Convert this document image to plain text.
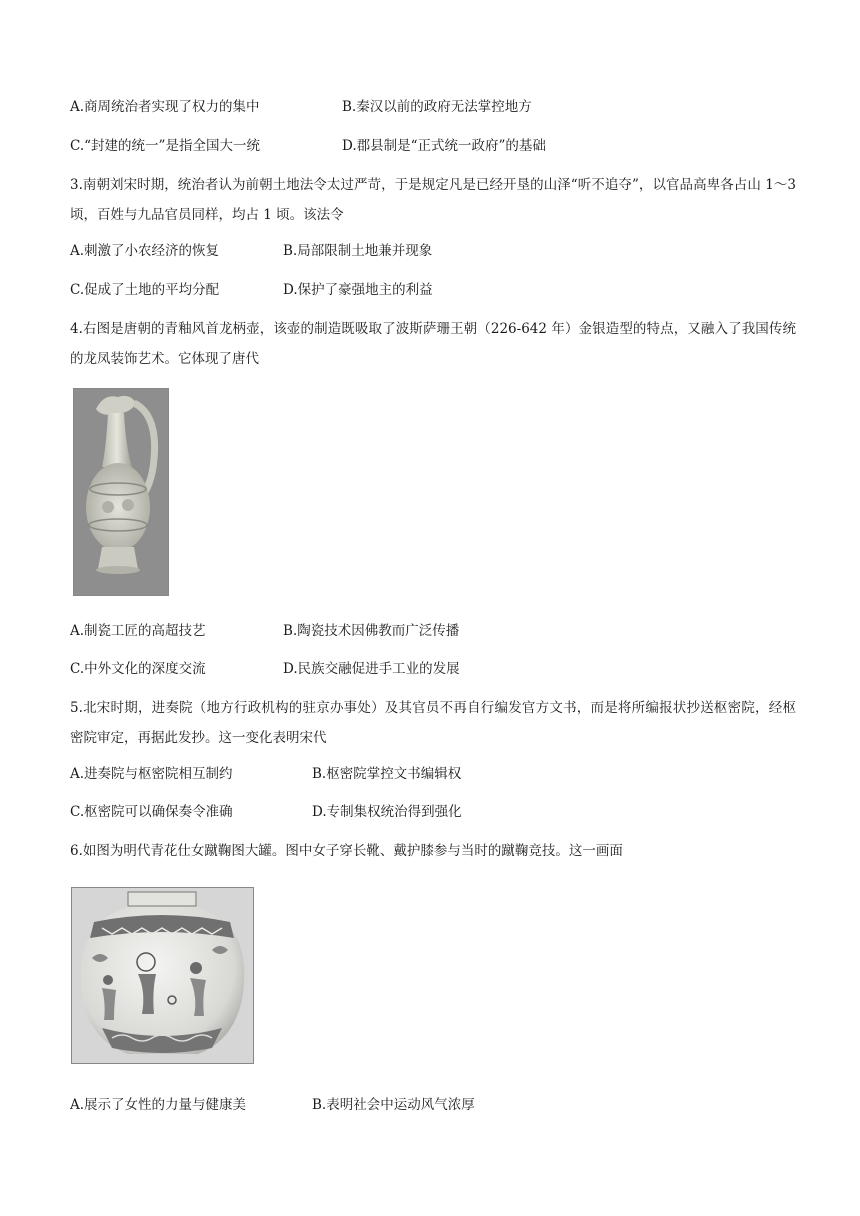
A.商周统治者实现了权力的集中	B.秦汉以前的政府无法掌控地方
C.“封建的统一”是指全国大一统	D.郡县制是“正式统一政府”的基础
3.南朝刘宋时期，统治者认为前朝土地法令太过严苛，于是规定凡是已经开垦的山泽“听不追夺”，以官品高卑各占山 1～3 顷，百姓与九品官员同样，均占 1 顷。该法令
A.刺激了小农经济的恢复	B.局部限制土地兼并现象
C.促成了土地的平均分配	D.保护了豪强地主的利益
4.右图是唐朝的青釉风首龙柄壶，该壶的制造既吸取了波斯萨珊王朝（226-642 年）金银造型的特点，又融入了我国传统的龙凤装饰艺术。它体现了唐代
A.制瓷工匠的高超技艺	B.陶瓷技术因佛教而广泛传播
C.中外文化的深度交流	D.民族交融促进手工业的发展
5.北宋时期，进奏院（地方行政机构的驻京办事处）及其官员不再自行编发官方文书，而是将所编报状抄送枢密院，经枢密院审定，再据此发抄。这一变化表明宋代
A.进奏院与枢密院相互制约	B.枢密院掌控文书编辑权
C.枢密院可以确保奏令准确	D.专制集权统治得到强化
6.如图为明代青花仕女蹴鞠图大罐。图中女子穿长靴、戴护膝参与当时的蹴鞠竞技。这一画面
A.展示了女性的力量与健康美	B.表明社会中运动风气浓厚
